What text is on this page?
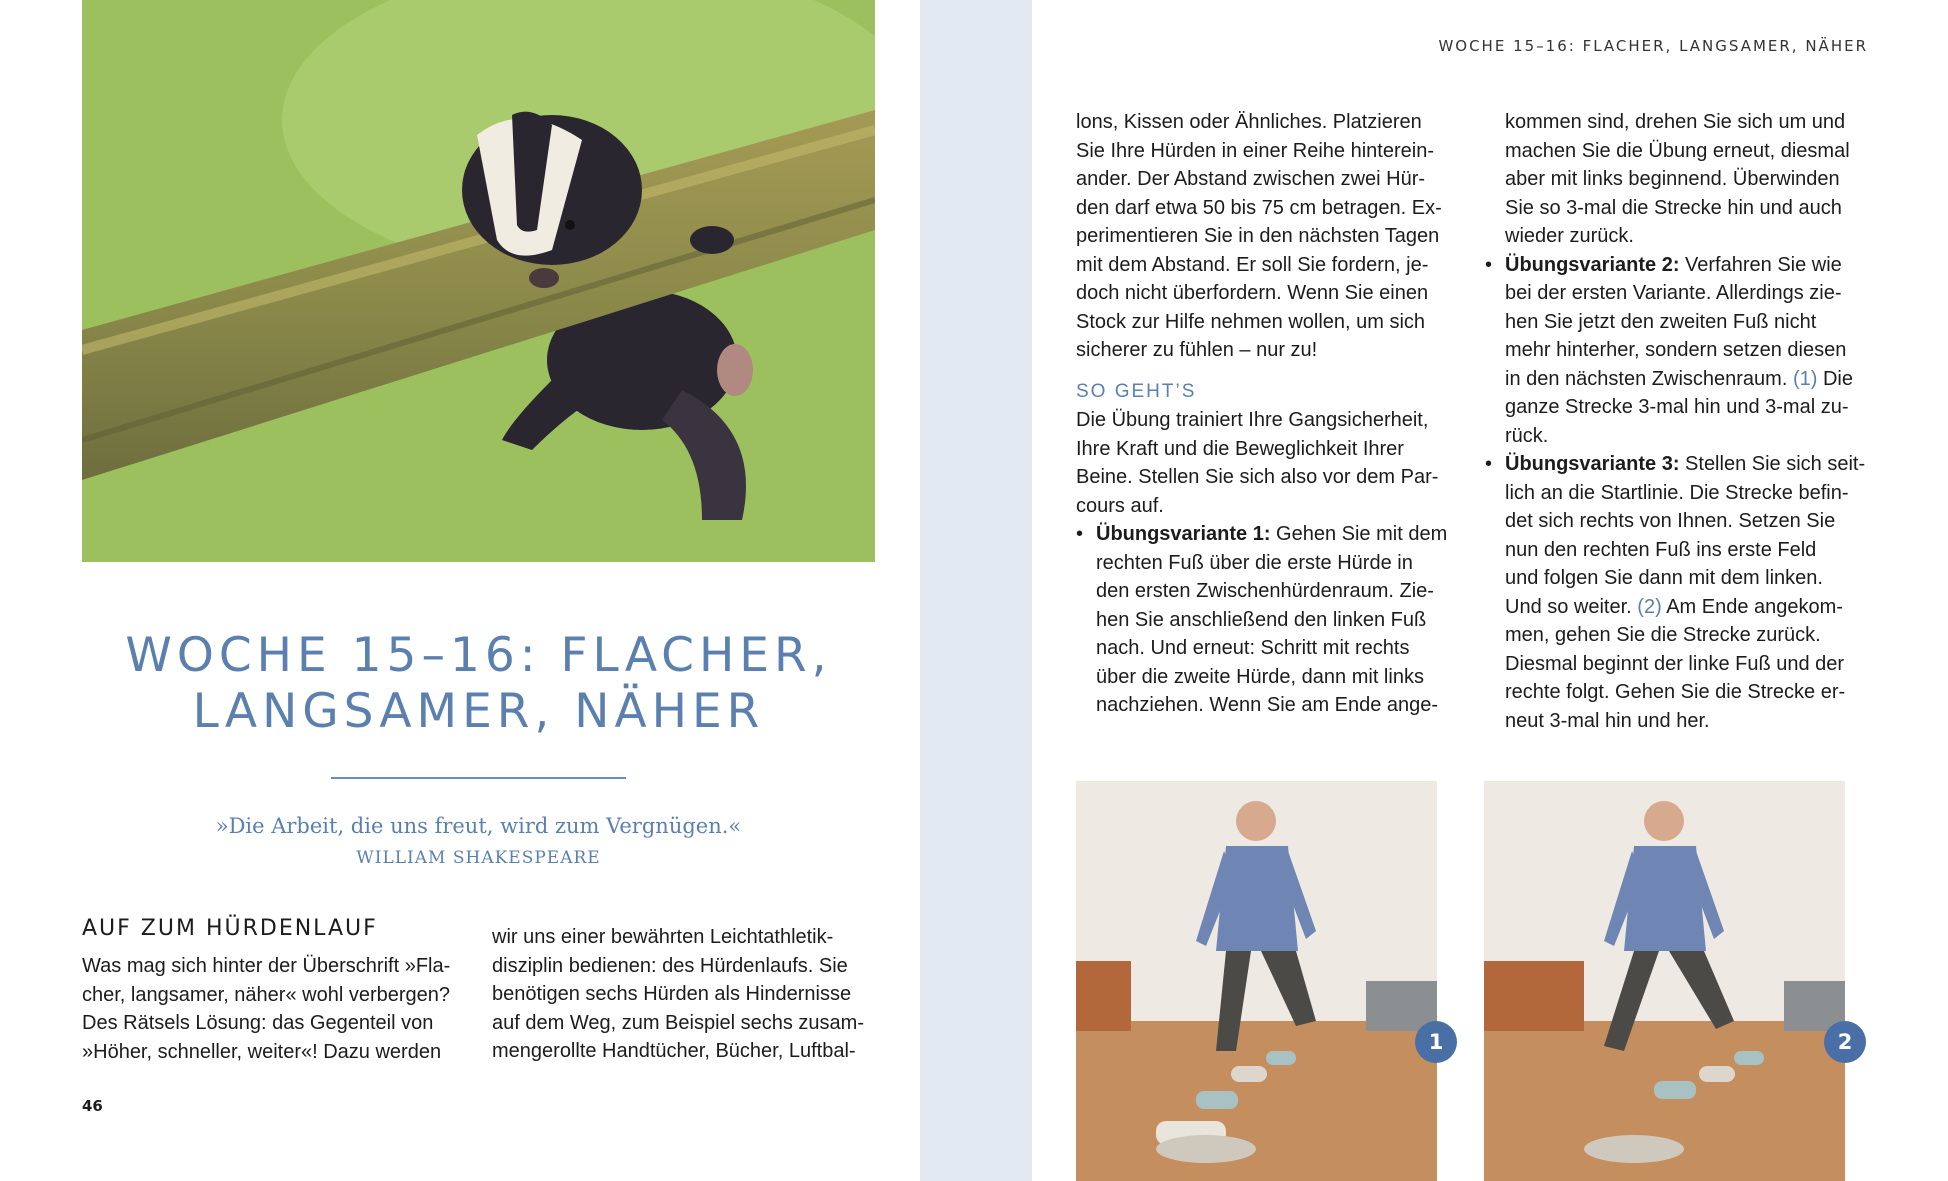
WOCHE 15–16: FLACHER,
LANGSAMER, NÄHER
»Die Arbeit, die uns freut, wird zum Vergnügen.«
WILLIAM SHAKESPEARE
AUF ZUM HÜRDENLAUF
Was mag sich hinter der Überschrift »Fla-
cher, langsamer, näher« wohl verbergen?
Des Rätsels Lösung: das Gegenteil von
»Höher, schneller, weiter«! Dazu werden
wir uns einer bewährten Leichtathletik-
disziplin bedienen: des Hürdenlaufs. Sie
benötigen sechs Hürden als Hindernisse
auf dem Weg, zum Beispiel sechs zusam-
mengerollte Handtücher, Bücher, Luftbal-
46
WOCHE 15–16: FLACHER, LANGSAMER, NÄHER
lons, Kissen oder Ähnliches. Platzieren
Sie Ihre Hürden in einer Reihe hinterein-
ander. Der Abstand zwischen zwei Hür-
den darf etwa 50 bis 75 cm betragen. Ex-
perimentieren Sie in den nächsten Tagen
mit dem Abstand. Er soll Sie fordern, je-
doch nicht überfordern. Wenn Sie einen
Stock zur Hilfe nehmen wollen, um sich
sicherer zu fühlen – nur zu!
SO GEHT’S
Die Übung trainiert Ihre Gangsicherheit,
Ihre Kraft und die Beweglichkeit Ihrer
Beine. Stellen Sie sich also vor dem Par-
cours auf.
• Übungsvariante 1: Gehen Sie mit dem
rechten Fuß über die erste Hürde in
den ersten Zwischenhürdenraum. Zie-
hen Sie anschließend den linken Fuß
nach. Und erneut: Schritt mit rechts
über die zweite Hürde, dann mit links
nachziehen. Wenn Sie am Ende ange-
kommen sind, drehen Sie sich um und
machen Sie die Übung erneut, diesmal
aber mit links beginnend. Überwinden
Sie so 3-mal die Strecke hin und auch
wieder zurück.
• Übungsvariante 2: Verfahren Sie wie
bei der ersten Variante. Allerdings zie-
hen Sie jetzt den zweiten Fuß nicht
mehr hinterher, sondern setzen diesen
in den nächsten Zwischenraum. (1) Die
ganze Strecke 3-mal hin und 3-mal zu-
rück.
• Übungsvariante 3: Stellen Sie sich seit-
lich an die Startlinie. Die Strecke befin-
det sich rechts von Ihnen. Setzen Sie
nun den rechten Fuß ins erste Feld
und folgen Sie dann mit dem linken.
Und so weiter. (2) Am Ende angekom-
men, gehen Sie die Strecke zurück.
Diesmal beginnt der linke Fuß und der
rechte folgt. Gehen Sie die Strecke er-
neut 3-mal hin und her.
1	2
